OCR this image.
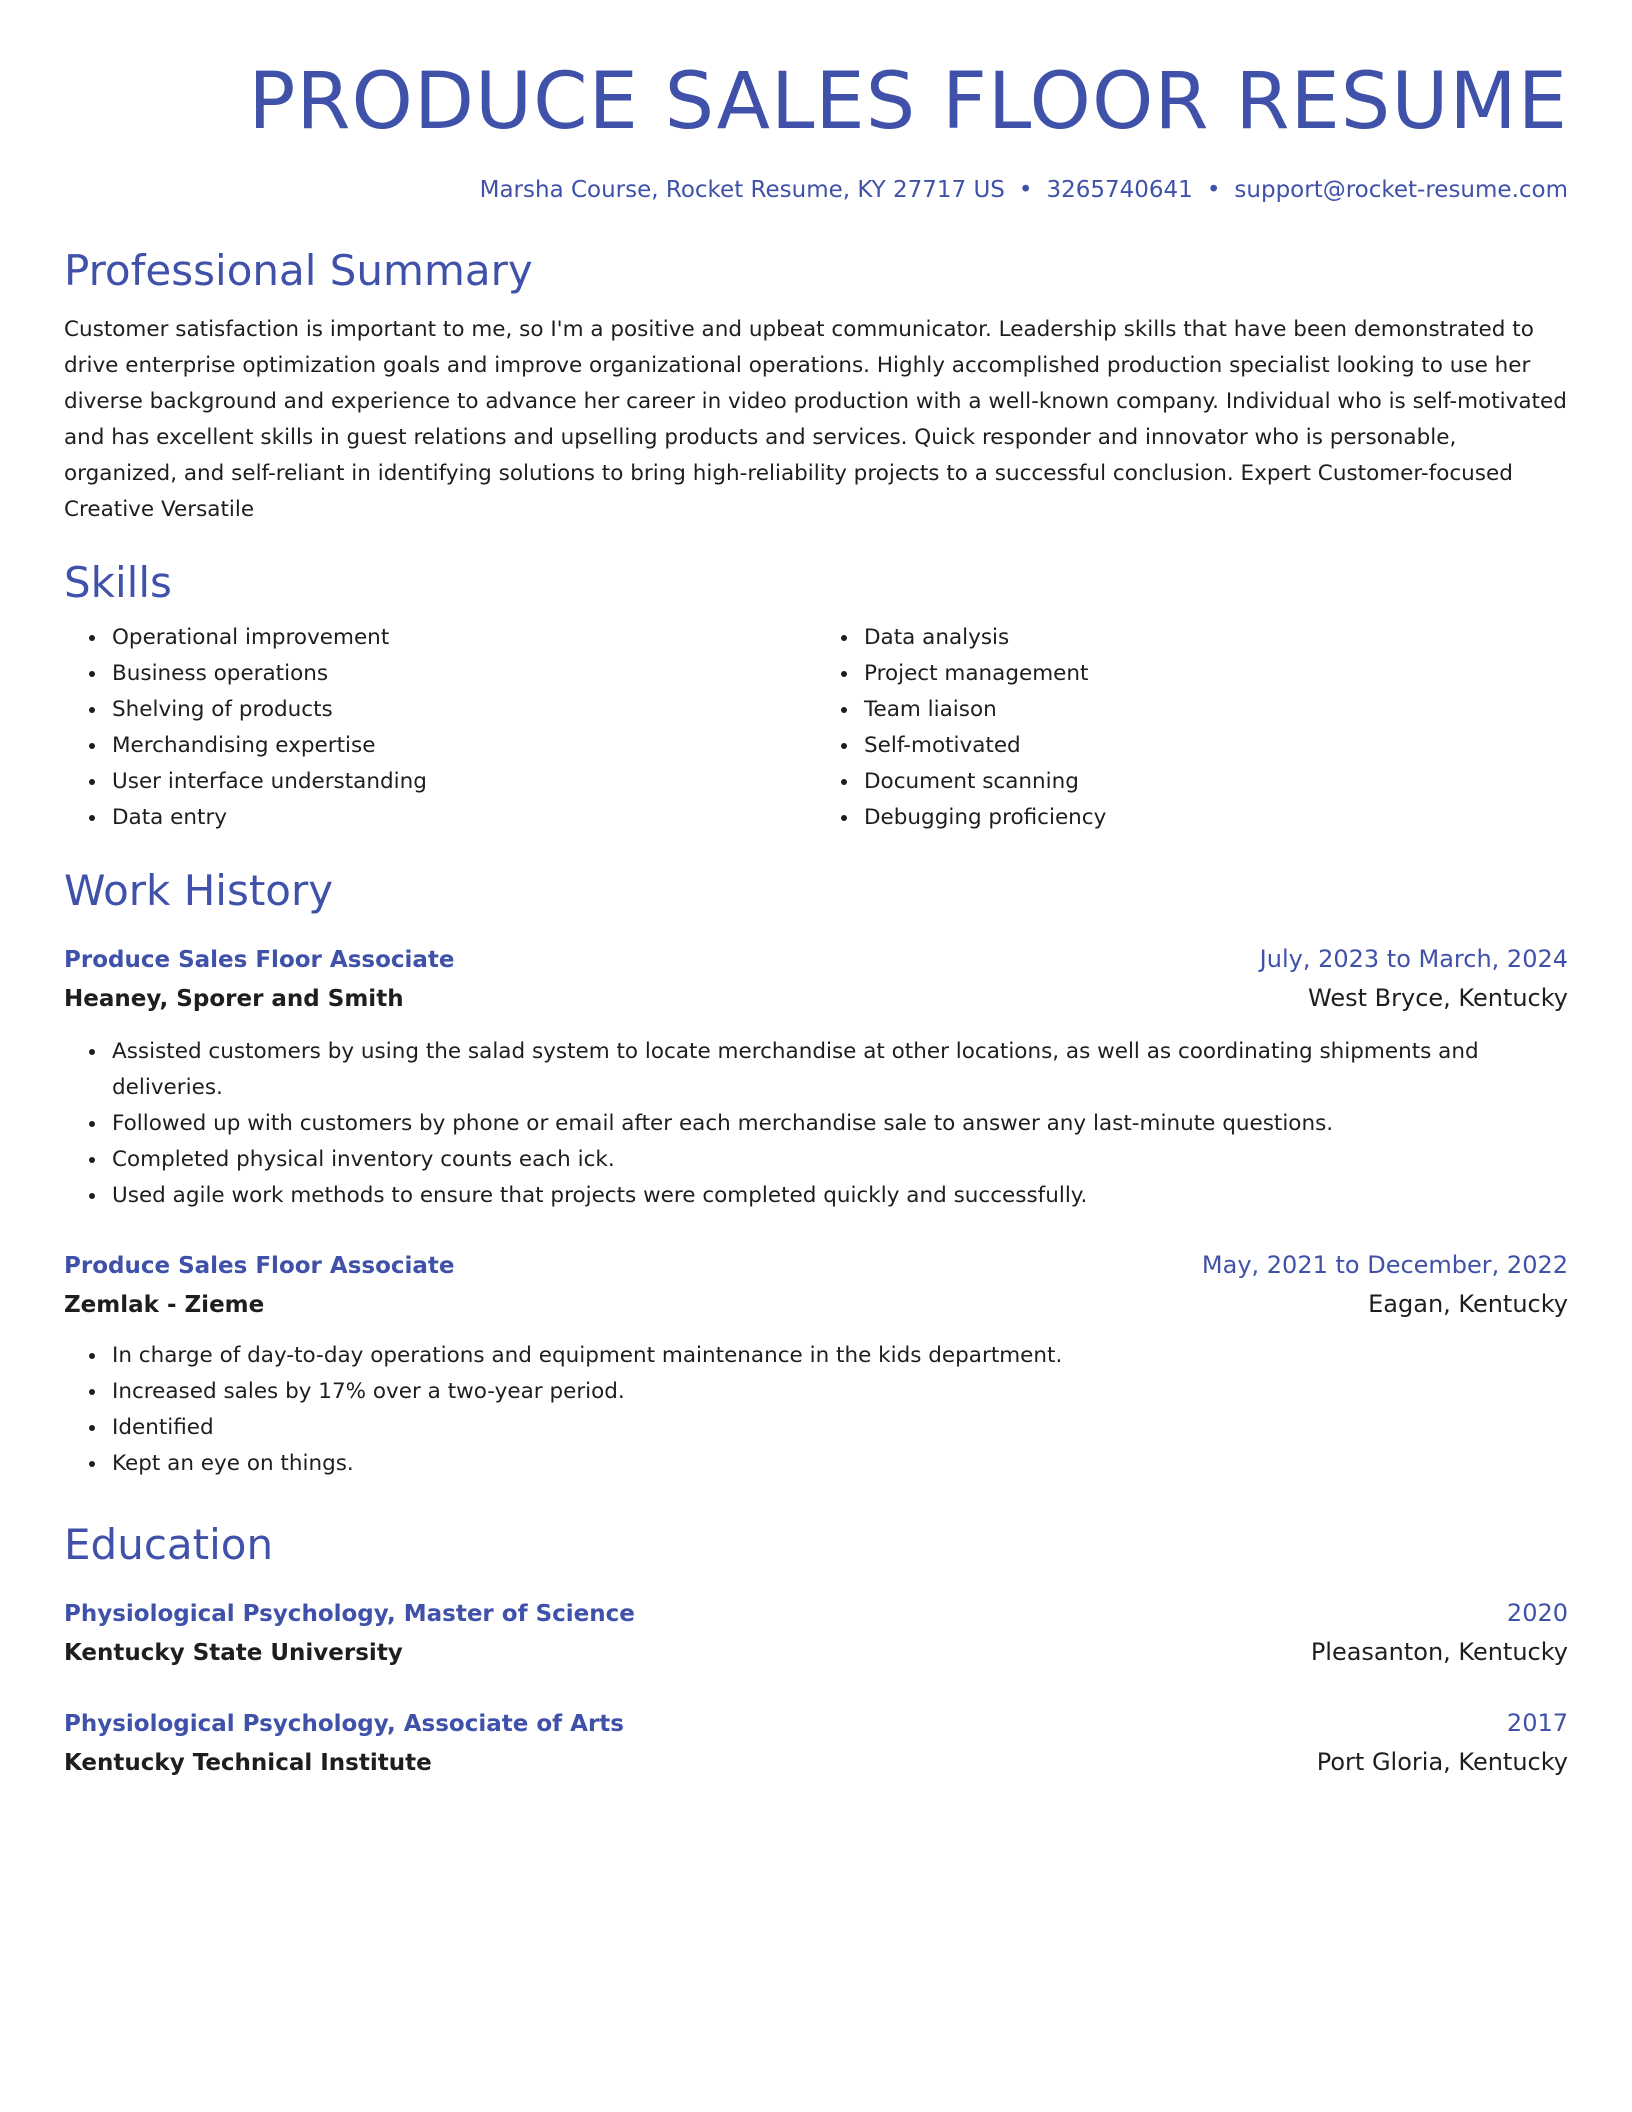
PRODUCE SALES FLOOR RESUME
Marsha Course, Rocket Resume, KY 27717 US • 3265740641 • support@rocket-resume.com
Professional Summary
Customer satisfaction is important to me, so I'm a positive and upbeat communicator. Leadership skills that have been demonstrated to drive enterprise optimization goals and improve organizational operations. Highly accomplished production specialist looking to use her diverse background and experience to advance her career in video production with a well-known company. Individual who is self-motivated and has excellent skills in guest relations and upselling products and services. Quick responder and innovator who is personable, organized, and self-reliant in identifying solutions to bring high-reliability projects to a successful conclusion. Expert Customer-focused Creative Versatile
Skills
• Operational improvement
• Business operations
• Shelving of products
• Merchandising expertise
• User interface understanding
• Data entry
• Data analysis
• Project management
• Team liaison
• Self-motivated
• Document scanning
• Debugging proficiency
Work History
Produce Sales Floor Associate	July, 2023 to March, 2024
Heaney, Sporer and Smith	West Bryce, Kentucky
• Assisted customers by using the salad system to locate merchandise at other locations, as well as coordinating shipments and deliveries.
• Followed up with customers by phone or email after each merchandise sale to answer any last-minute questions.
• Completed physical inventory counts each ick.
• Used agile work methods to ensure that projects were completed quickly and successfully.
Produce Sales Floor Associate	May, 2021 to December, 2022
Zemlak - Zieme	Eagan, Kentucky
• In charge of day-to-day operations and equipment maintenance in the kids department.
• Increased sales by 17% over a two-year period.
• Identified
• Kept an eye on things.
Education
Physiological Psychology, Master of Science	2020
Kentucky State University	Pleasanton, Kentucky
Physiological Psychology, Associate of Arts	2017
Kentucky Technical Institute	Port Gloria, Kentucky
